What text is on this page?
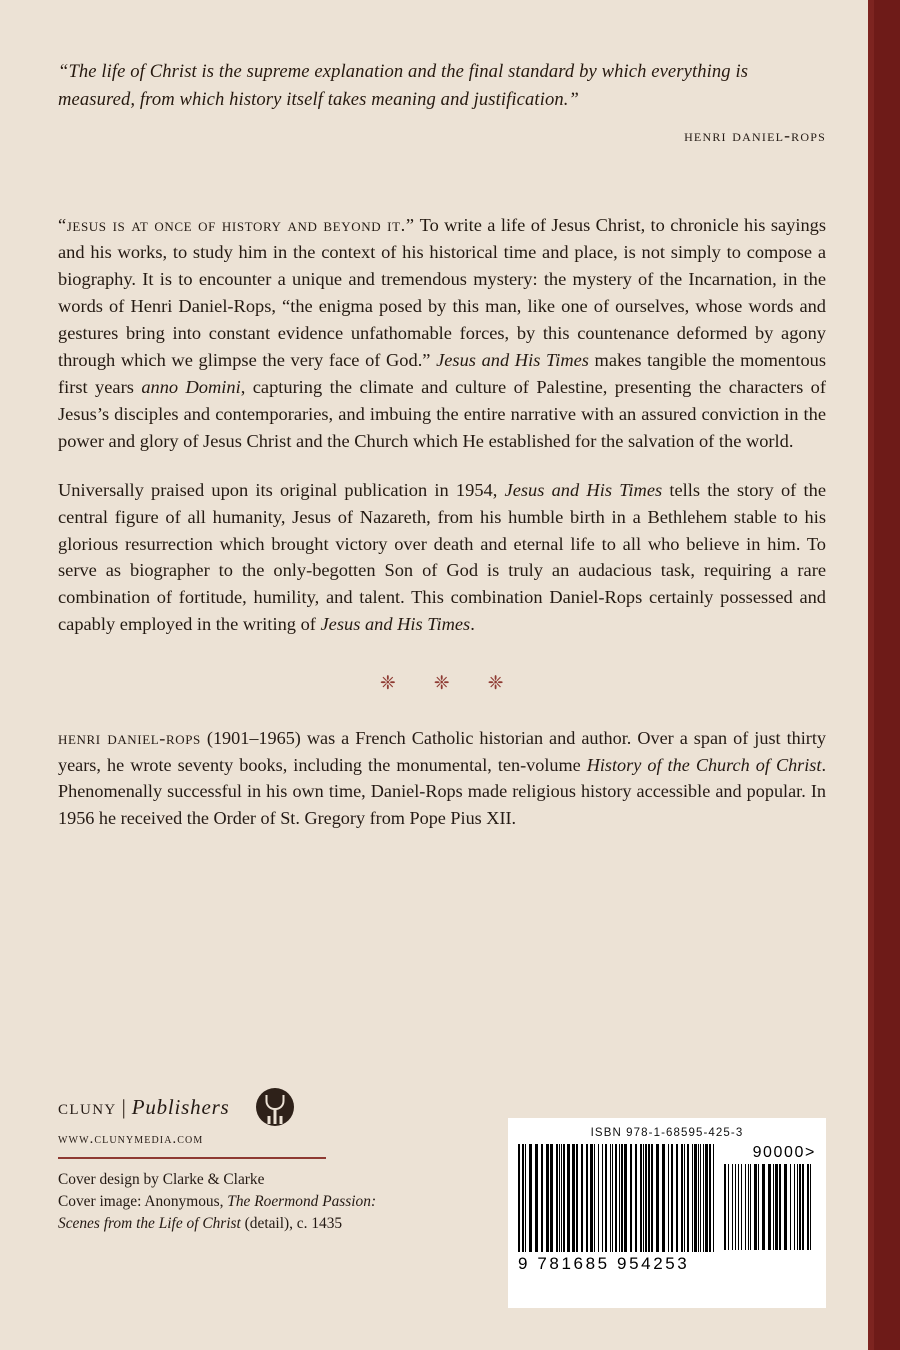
“The life of Christ is the supreme explanation and the final standard by which everything is measured, from which history itself takes meaning and justification.”
henri daniel-rops

“jesus is at once of history and beyond it.” To write a life of Jesus Christ, to chronicle his sayings and his works, to study him in the context of his historical time and place, is not simply to compose a biography. It is to encounter a unique and tremendous mystery: the mystery of the Incarnation, in the words of Henri Daniel-Rops, “the enigma posed by this man, like one of ourselves, whose words and gestures bring into constant evidence unfathomable forces, by this countenance deformed by agony through which we glimpse the very face of God.” Jesus and His Times makes tangible the momentous first years anno Domini, capturing the climate and culture of Palestine, presenting the characters of Jesus’s disciples and contemporaries, and imbuing the entire narrative with an assured conviction in the power and glory of Jesus Christ and the Church which He established for the salvation of the world.

Universally praised upon its original publication in 1954, Jesus and His Times tells the story of the central figure of all humanity, Jesus of Nazareth, from his humble birth in a Bethlehem stable to his glorious resurrection which brought victory over death and eternal life to all who believe in him. To serve as biographer to the only-begotten Son of God is truly an audacious task, requiring a rare combination of fortitude, humility, and talent. This combination Daniel-Rops certainly possessed and capably employed in the writing of Jesus and His Times.

❈ ❈ ❈

henri daniel-rops (1901–1965) was a French Catholic historian and author. Over a span of just thirty years, he wrote seventy books, including the monumental, ten-volume History of the Church of Christ. Phenomenally successful in his own time, Daniel-Rops made religious history accessible and popular. In 1956 he received the Order of St. Gregory from Pope Pius XII.

cluny | Publishers
www.clunymedia.com
Cover design by Clarke & Clarke
Cover image: Anonymous, The Roermond Passion: Scenes from the Life of Christ (detail), c. 1435
ISBN 978-1-68595-425-3
9 781685 954253
90000>
